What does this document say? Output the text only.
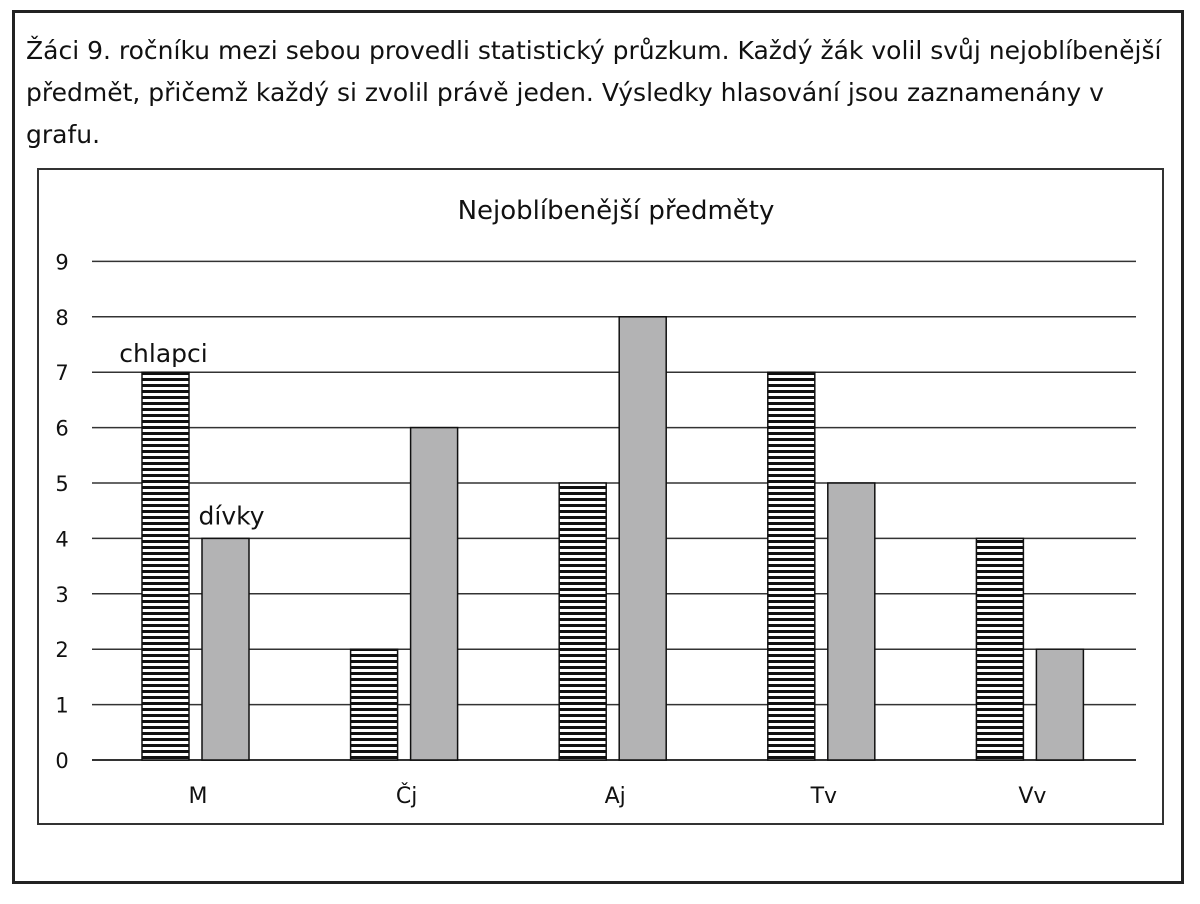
Žáci 9. ročníku mezi sebou provedli statistický průzkum. Každý žák volil svůj nejoblíbenější předmět, přičemž každý si zvolil právě jeden. Výsledky hlasování jsou zaznamenány v grafu.

Nejoblíbenější předměty
0
1
2
3
4
5
6
7
8
9
M	Čj	Aj	Tv	Vv
chlapci
dívky
